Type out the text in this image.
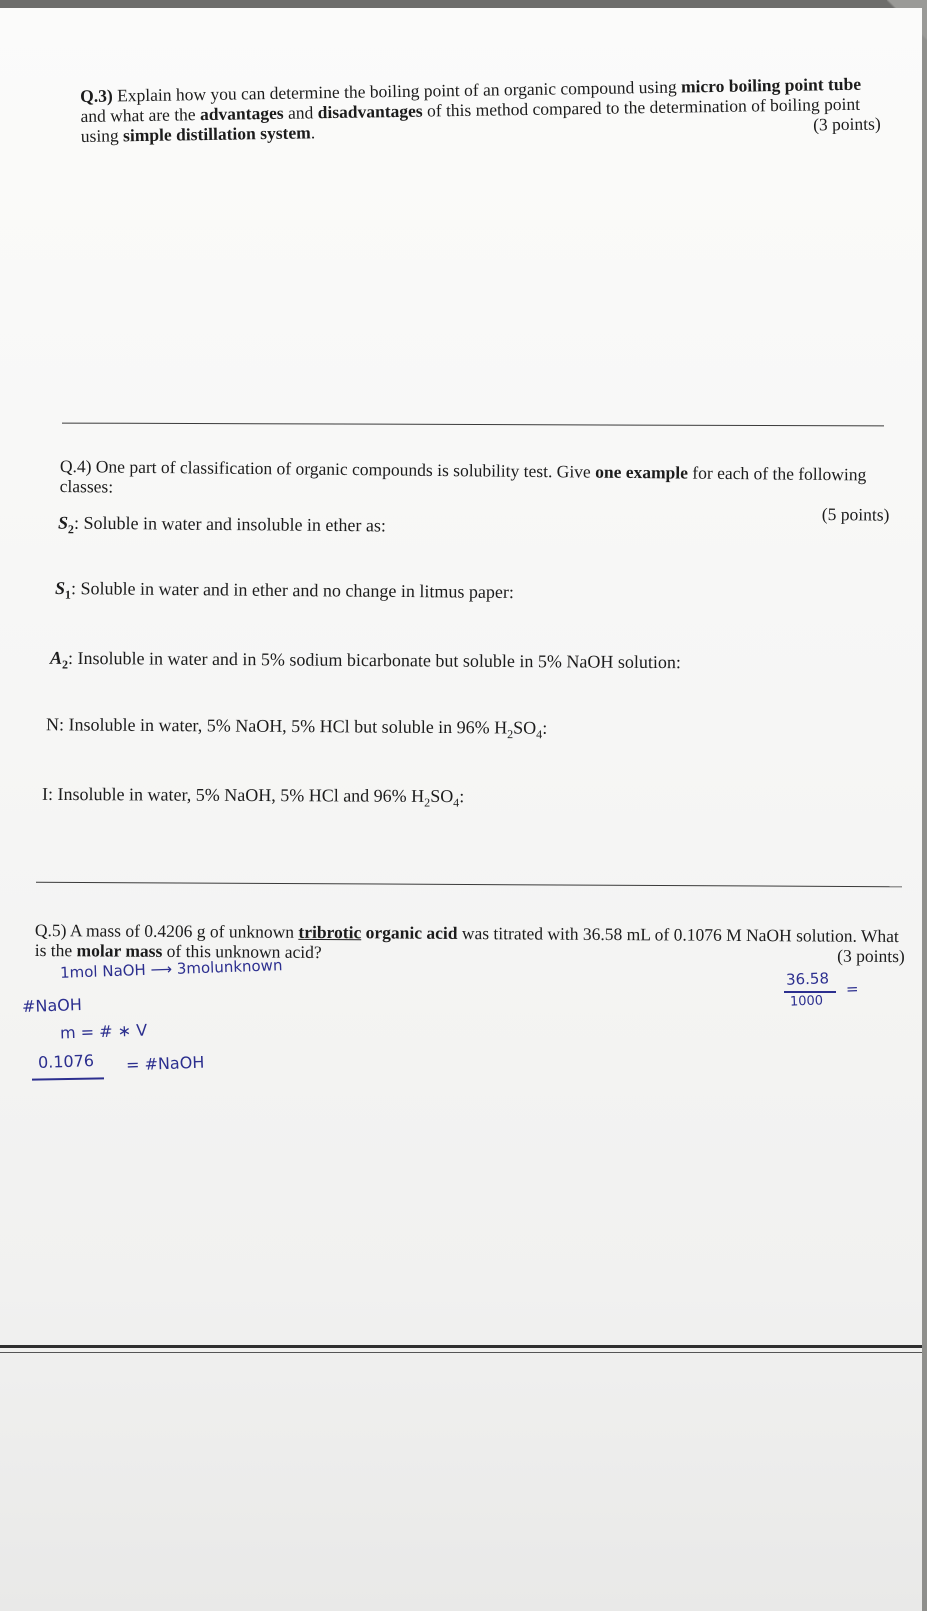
Q.3) Explain how you can determine the boiling point of an organic compound using micro boiling point tube and what are the advantages and disadvantages of this method compared to the determination of boiling point using simple distillation system.	(3 points)
Q.4) One part of classification of organic compounds is solubility test. Give one example for each of the following classes:
(5 points)
$S_2$: Soluble in water and insoluble in ether as:
$S_1$: Soluble in water and in ether and no change in litmus paper:
$A_2$: Insoluble in water and in 5% sodium bicarbonate but soluble in 5% NaOH solution:
N: Insoluble in water, 5% NaOH, 5% HCl but soluble in 96% $H_2SO_4$:
I: Insoluble in water, 5% NaOH, 5% HCl and 96% $H_2SO_4$:
Q.5) A mass of 0.4206 g of unknown tribrotic organic acid was titrated with 36.58 mL of 0.1076 M NaOH solution. What is the molar mass of this unknown acid?	(3 points)
1mol NaOH ⟶ 3molunknown
#NaOH
m = # ∗ V
0.1076 = #NaOH
36.58
1000
=
